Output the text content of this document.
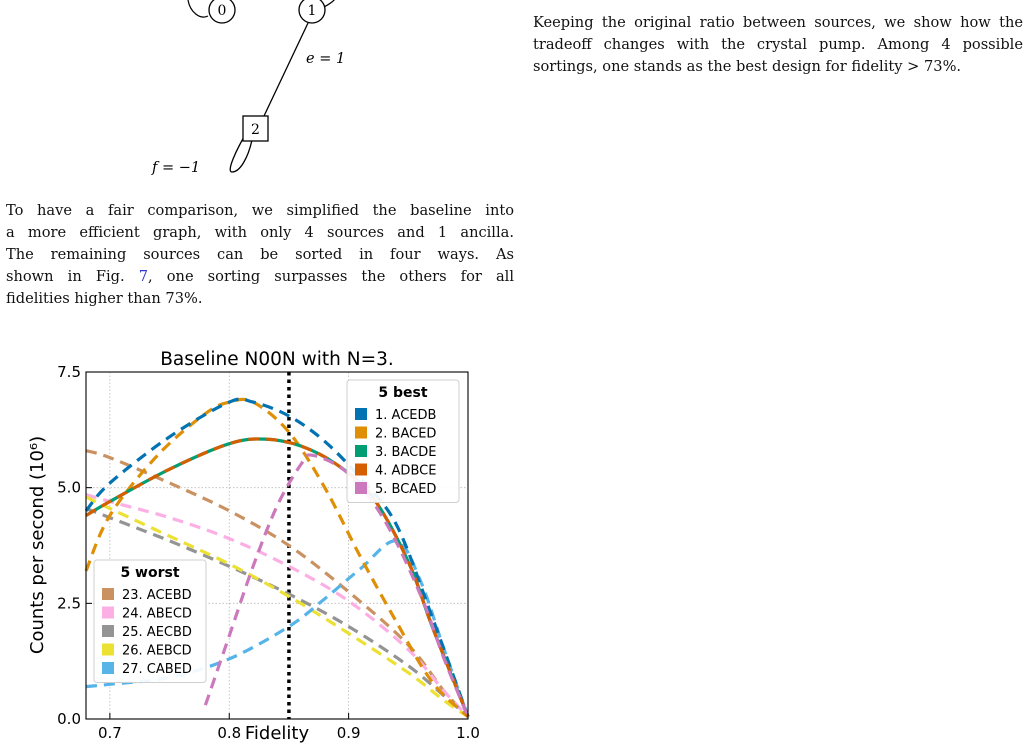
0	1
e = 1
2
f = −1
To have a fair comparison, we simplified the baseline into
a more efficient graph, with only 4 sources and 1 ancilla.
The remaining sources can be sorted in four ways. As
shown in Fig. 7, one sorting surpasses the others for all
fidelities higher than 73%.
Keeping the original ratio between sources, we show how the
tradeoff changes with the crystal pump. Among 4 possible
sortings, one stands as the best design for fidelity > 73%.
0.7	0.8	0.9	1.0
0.0
2.5
5.0
7.5
Baseline N00N with N=3.
Fidelity
Counts per second (10⁶)
5 best
1. ACEDB
2. BACED
3. BACDE
4. ADBCE
5. BCAED
5 worst
23. ACEBD
24. ABECD
25. AECBD
26. AEBCD
27. CABED
